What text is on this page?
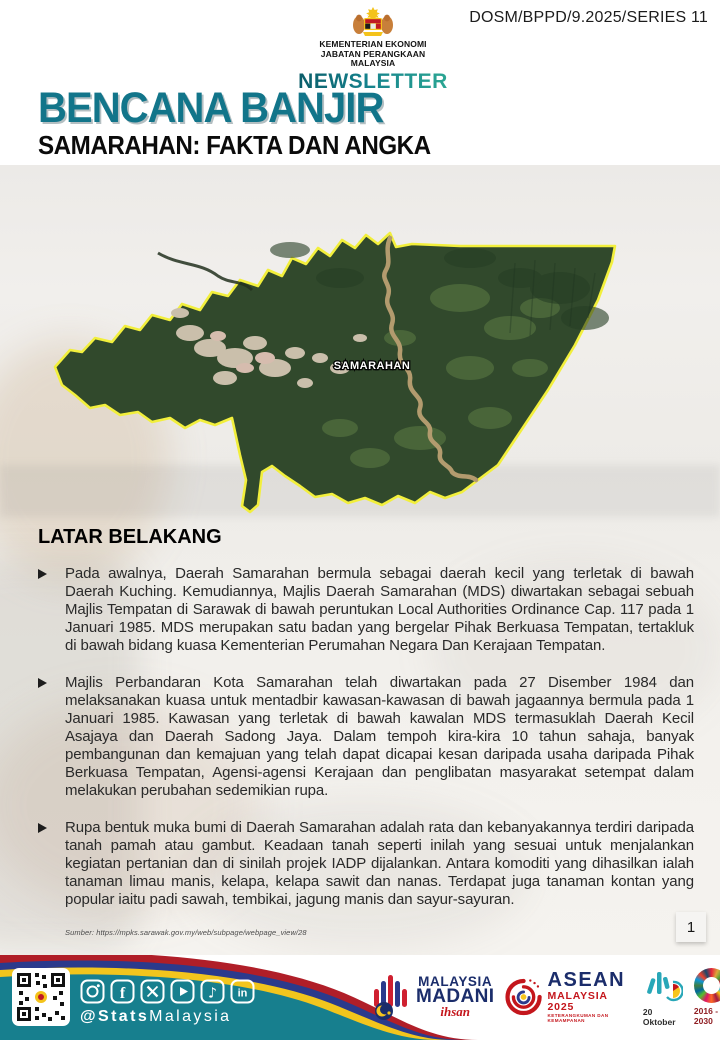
DOSM/BPPD/9.2025/SERIES 11
KEMENTERIAN EKONOMI
JABATAN PERANGKAAN MALAYSIA
NEWSLETTER
BENCANA BANJIR
SAMARAHAN: FAKTA DAN ANGKA
SAMARAHAN
LATAR BELAKANG

Pada awalnya, Daerah Samarahan bermula sebagai daerah kecil yang terletak di bawah Daerah Kuching. Kemudiannya, Majlis Daerah Samarahan (MDS) diwartakan sebagai sebuah Majlis Tempatan di Sarawak di bawah peruntukan Local Authorities Ordinance Cap. 117 pada 1 Januari 1985. MDS merupakan satu badan yang bergelar Pihak Berkuasa Tempatan, tertakluk di bawah bidang kuasa Kementerian Perumahan Negara Dan Kerajaan Tempatan.

Majlis Perbandaran Kota Samarahan telah diwartakan pada 27 Disember 1984 dan melaksanakan kuasa untuk mentadbir kawasan-kawasan di bawah jagaannya bermula pada 1 Januari 1985. Kawasan yang terletak di bawah kawalan MDS termasuklah Daerah Kecil Asajaya dan Daerah Sadong Jaya. Dalam tempoh kira-kira 10 tahun sahaja, banyak pembangunan dan kemajuan yang telah dapat dicapai kesan daripada usaha daripada Pihak Berkuasa Tempatan, Agensi-agensi Kerajaan dan penglibatan masyarakat setempat dalam melakukan perubahan sedemikian rupa.

Rupa bentuk muka bumi di Daerah Samarahan adalah rata dan kebanyakannya terdiri daripada tanah pamah atau gambut. Keadaan tanah seperti inilah yang sesuai untuk menjalankan kegiatan pertanian dan di sinilah projek IADP dijalankan. Antara komoditi yang dihasilkan ialah tanaman limau manis, kelapa, kelapa sawit dan nanas. Terdapat juga tanaman kontan yang popular iaitu padi sawah, tembikai, jagung manis dan sayur-sayuran.

Sumber: https://mpks.sarawak.gov.my/web/subpage/webpage_view/28	1
f	♪ in
@StatsMalaysia
MALAYSIA
MADANI
ihsan
ASEAN
MALAYSIA 2025
KETERANGKUMAN DAN KEMAMPANAN
20 Oktober
2016 - 2030
